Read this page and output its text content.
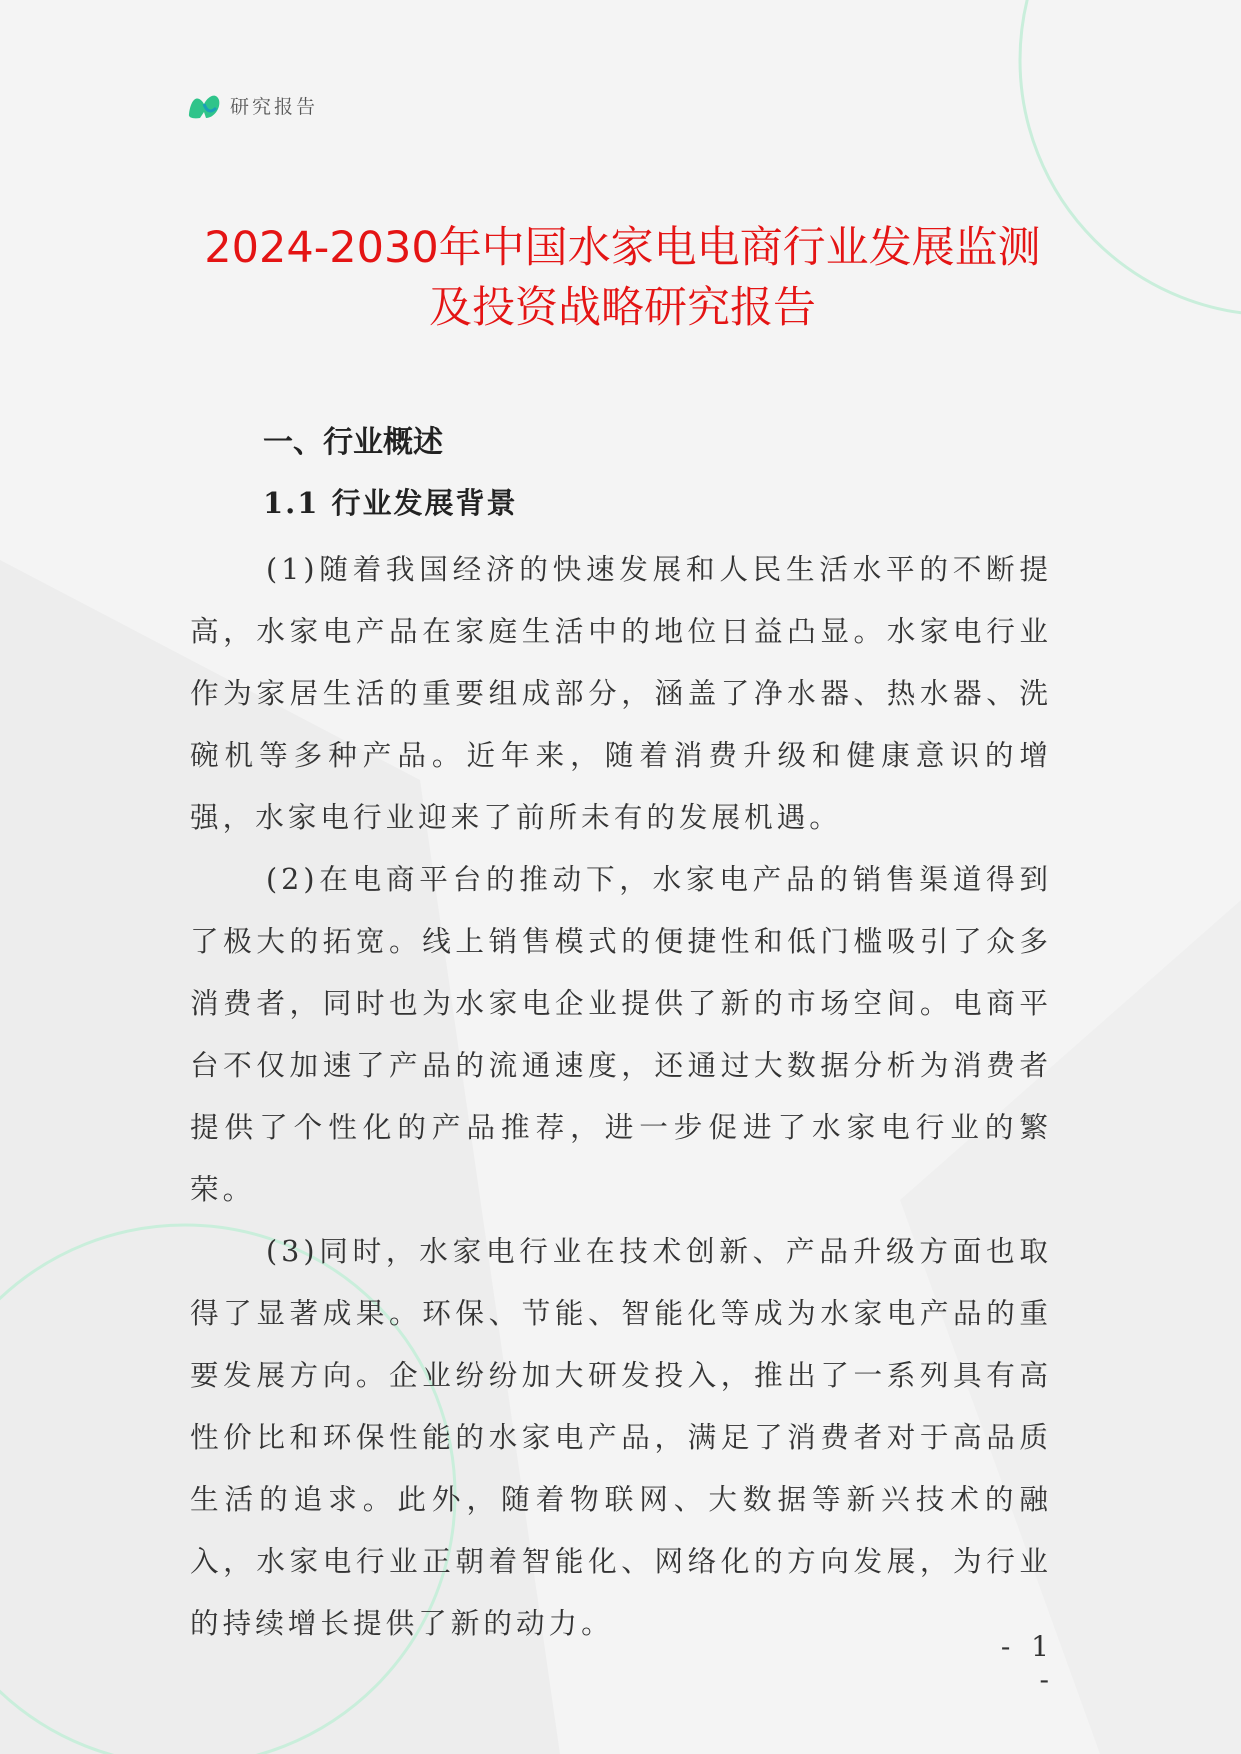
研究报告
2024-2030年中国水家电电商行业发展监测
及投资战略研究报告
一、行业概述
1.1 行业发展背景

(1)随着我国经济的快速发展和人民生活水平的不断提高，水家电产品在家庭生活中的地位日益凸显。水家电行业作为家居生活的重要组成部分，涵盖了净水器、热水器、洗碗机等多种产品。近年来，随着消费升级和健康意识的增强，水家电行业迎来了前所未有的发展机遇。

(2)在电商平台的推动下，水家电产品的销售渠道得到了极大的拓宽。线上销售模式的便捷性和低门槛吸引了众多消费者，同时也为水家电企业提供了新的市场空间。电商平台不仅加速了产品的流通速度，还通过大数据分析为消费者提供了个性化的产品推荐，进一步促进了水家电行业的繁荣。

(3)同时，水家电行业在技术创新、产品升级方面也取得了显著成果。环保、节能、智能化等成为水家电产品的重要发展方向。企业纷纷加大研发投入，推出了一系列具有高性价比和环保性能的水家电产品，满足了消费者对于高品质生活的追求。此外，随着物联网、大数据等新兴技术的融入，水家电行业正朝着智能化、网络化的方向发展，为行业的持续增长提供了新的动力。

- 1 -
